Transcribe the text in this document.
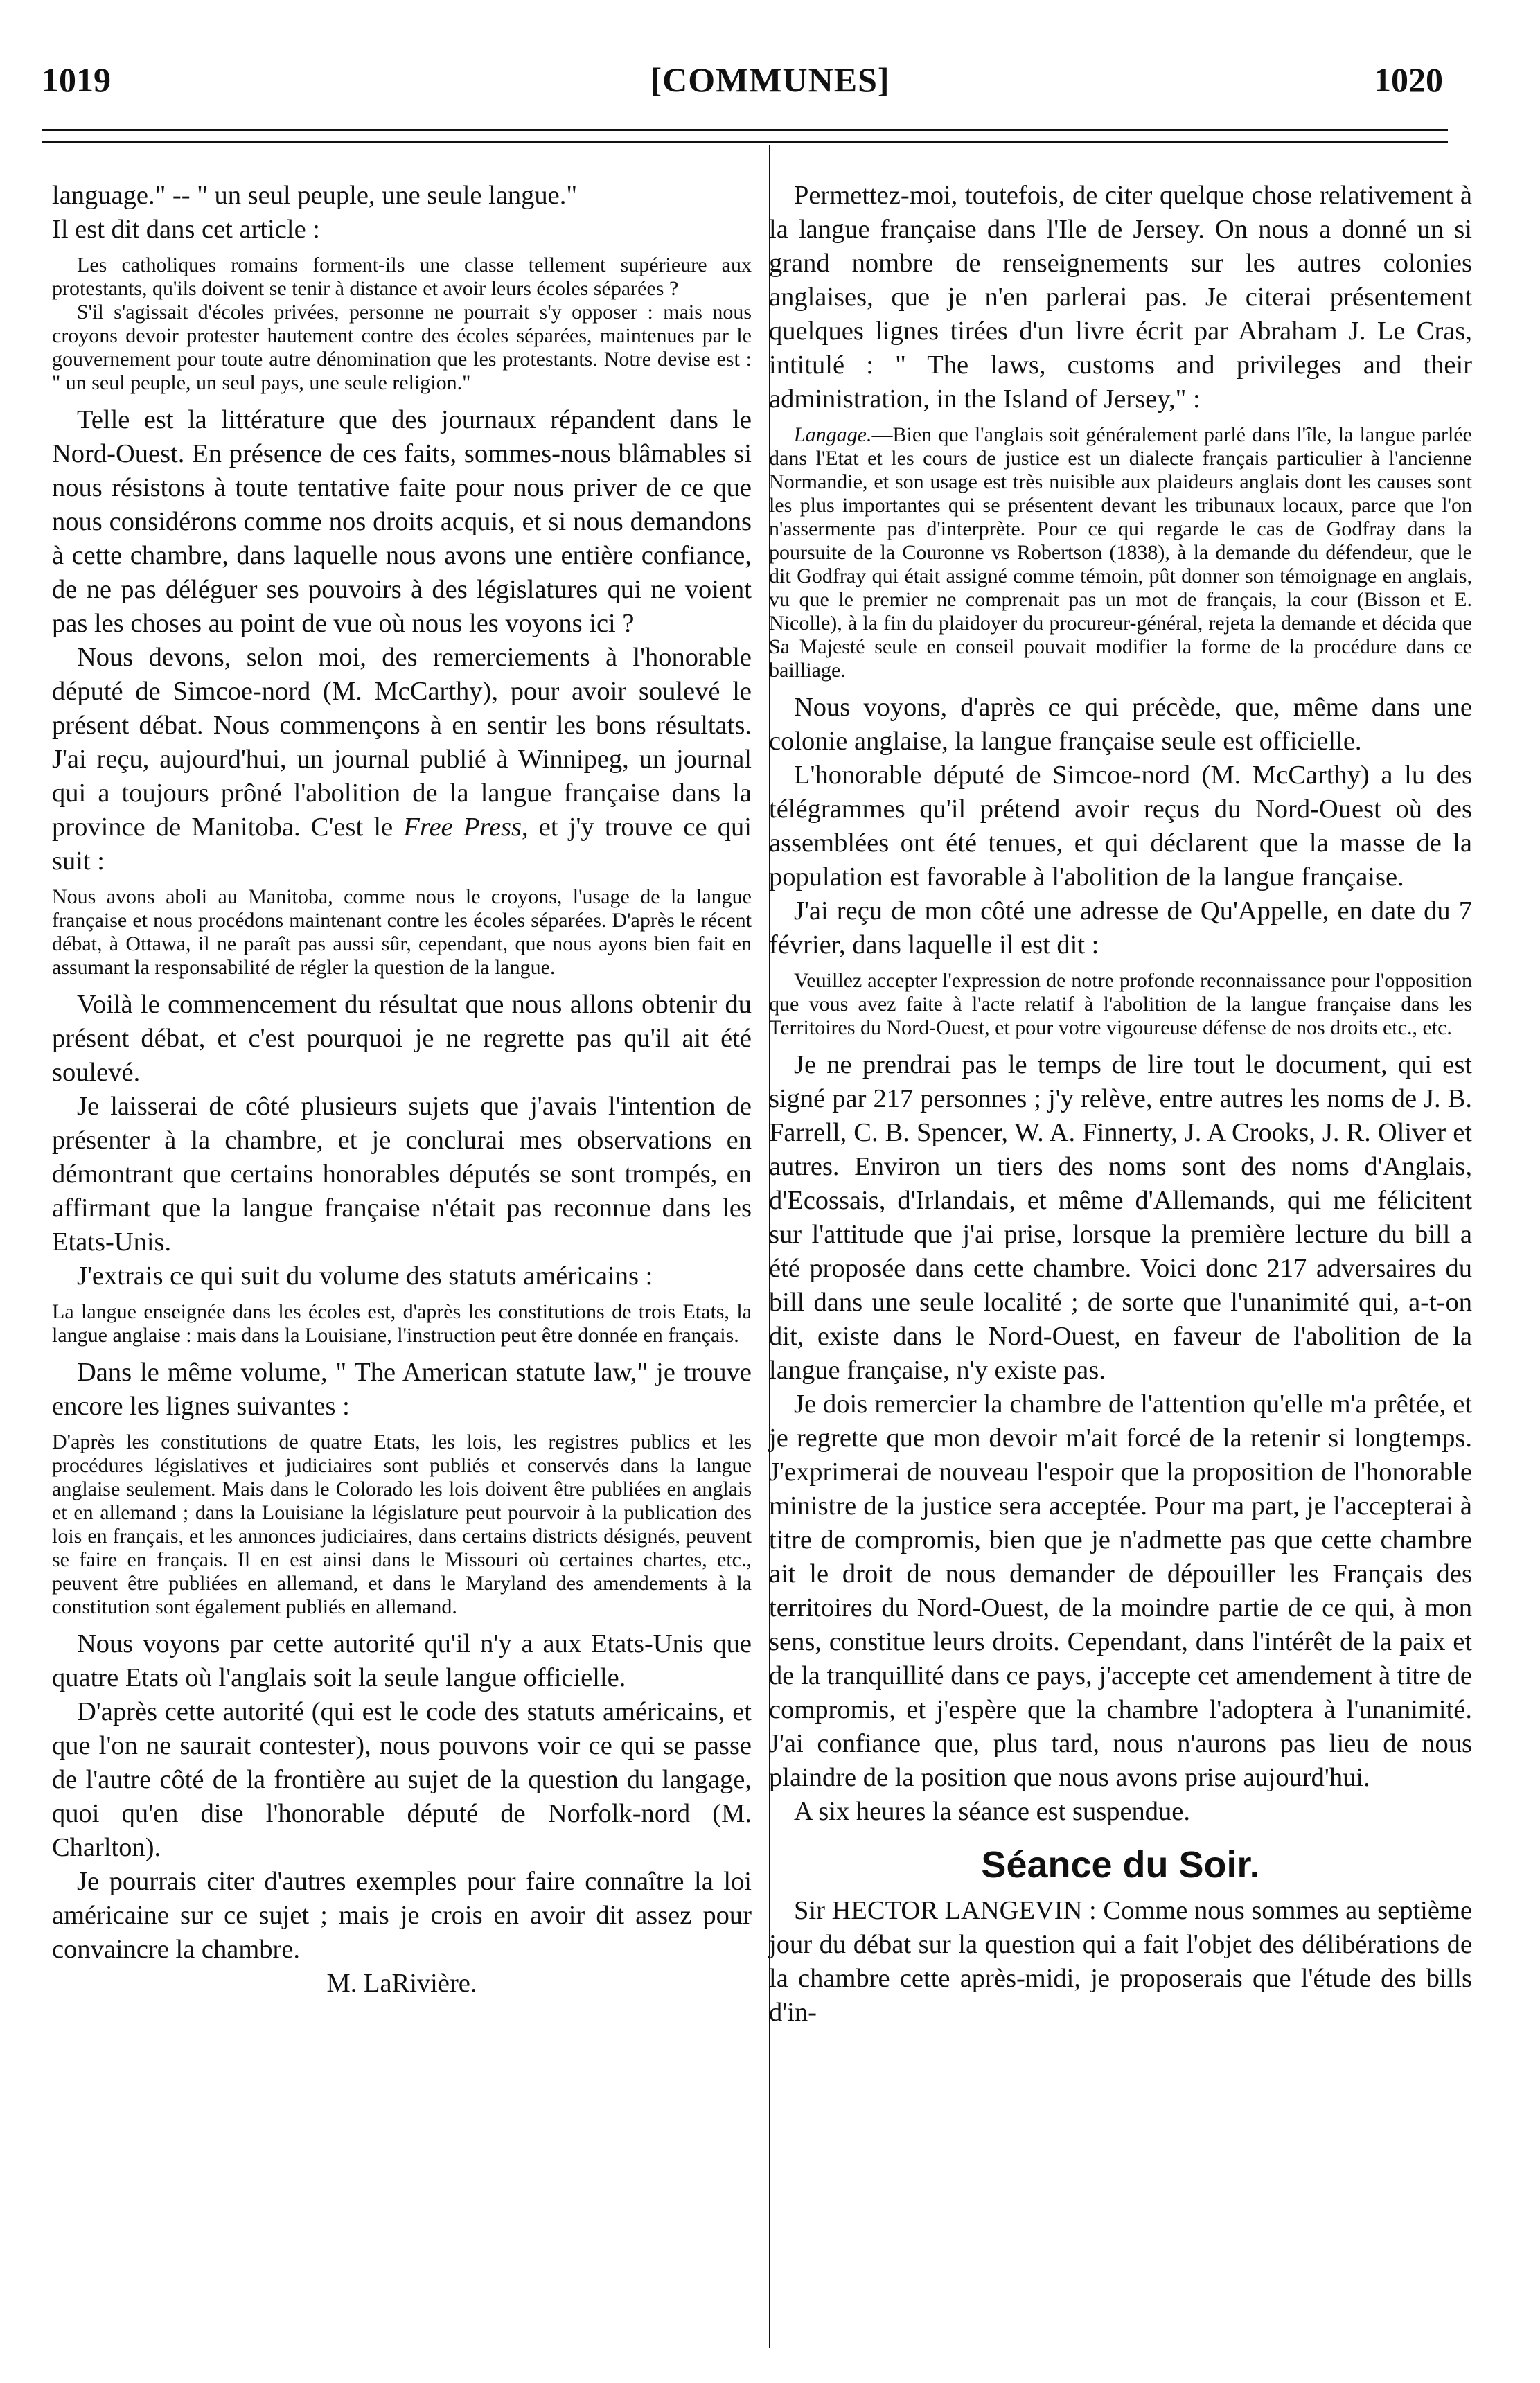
1019	[COMMUNES]	1020

language." -- " un seul peuple, une seule langue."

Il est dit dans cet article :

Les catholiques romains forment-ils une classe tellement supérieure aux protestants, qu'ils doivent se tenir à distance et avoir leurs écoles séparées ?

S'il s'agissait d'écoles privées, personne ne pourrait s'y opposer : mais nous croyons devoir protester hautement contre des écoles séparées, maintenues par le gouvernement pour toute autre dénomination que les protestants. Notre devise est : " un seul peuple, un seul pays, une seule religion."

Telle est la littérature que des journaux répandent dans le Nord-Ouest. En présence de ces faits, sommes-nous blâmables si nous résistons à toute tentative faite pour nous priver de ce que nous considérons comme nos droits acquis, et si nous demandons à cette chambre, dans laquelle nous avons une entière confiance, de ne pas déléguer ses pouvoirs à des législatures qui ne voient pas les choses au point de vue où nous les voyons ici ?

Nous devons, selon moi, des remerciements à l'honorable député de Simcoe-nord (M. McCarthy), pour avoir soulevé le présent débat. Nous commençons à en sentir les bons résultats. J'ai reçu, aujourd'hui, un journal publié à Winnipeg, un journal qui a toujours prôné l'abolition de la langue française dans la province de Manitoba. C'est le Free Press, et j'y trouve ce qui suit :

Nous avons aboli au Manitoba, comme nous le croyons, l'usage de la langue française et nous procédons maintenant contre les écoles séparées. D'après le récent débat, à Ottawa, il ne paraît pas aussi sûr, cependant, que nous ayons bien fait en assumant la responsabilité de régler la question de la langue.

Voilà le commencement du résultat que nous allons obtenir du présent débat, et c'est pourquoi je ne regrette pas qu'il ait été soulevé.

Je laisserai de côté plusieurs sujets que j'avais l'intention de présenter à la chambre, et je conclurai mes observations en démontrant que certains honorables députés se sont trompés, en affirmant que la langue française n'était pas reconnue dans les Etats-Unis.

J'extrais ce qui suit du volume des statuts américains :

La langue enseignée dans les écoles est, d'après les constitutions de trois Etats, la langue anglaise : mais dans la Louisiane, l'instruction peut être donnée en français.

Dans le même volume, " The American statute law," je trouve encore les lignes suivantes :

D'après les constitutions de quatre Etats, les lois, les registres publics et les procédures législatives et judiciaires sont publiés et conservés dans la langue anglaise seulement. Mais dans le Colorado les lois doivent être publiées en anglais et en allemand ; dans la Louisiane la législature peut pourvoir à la publication des lois en français, et les annonces judiciaires, dans certains districts désignés, peuvent se faire en français. Il en est ainsi dans le Missouri où certaines chartes, etc., peuvent être publiées en allemand, et dans le Maryland des amendements à la constitution sont également publiés en allemand.

Nous voyons par cette autorité qu'il n'y a aux Etats-Unis que quatre Etats où l'anglais soit la seule langue officielle.

D'après cette autorité (qui est le code des statuts américains, et que l'on ne saurait contester), nous pouvons voir ce qui se passe de l'autre côté de la frontière au sujet de la question du langage, quoi qu'en dise l'honorable député de Norfolk-nord (M. Charlton).

Je pourrais citer d'autres exemples pour faire connaître la loi américaine sur ce sujet ; mais je crois en avoir dit assez pour convaincre la chambre.

M. LaRivière.

Permettez-moi, toutefois, de citer quelque chose relativement à la langue française dans l'Ile de Jersey. On nous a donné un si grand nombre de renseignements sur les autres colonies anglaises, que je n'en parlerai pas. Je citerai présentement quelques lignes tirées d'un livre écrit par Abraham J. Le Cras, intitulé : " The laws, customs and privileges and their administration, in the Island of Jersey," :

Langage.—Bien que l'anglais soit généralement parlé dans l'île, la langue parlée dans l'Etat et les cours de justice est un dialecte français particulier à l'ancienne Normandie, et son usage est très nuisible aux plaideurs anglais dont les causes sont les plus importantes qui se présentent devant les tribunaux locaux, parce que l'on n'assermente pas d'interprète. Pour ce qui regarde le cas de Godfray dans la poursuite de la Couronne vs Robertson (1838), à la demande du défendeur, que le dit Godfray qui était assigné comme témoin, pût donner son témoignage en anglais, vu que le premier ne comprenait pas un mot de français, la cour (Bisson et E. Nicolle), à la fin du plaidoyer du procureur-général, rejeta la demande et décida que Sa Majesté seule en conseil pouvait modifier la forme de la procédure dans ce bailliage.

Nous voyons, d'après ce qui précède, que, même dans une colonie anglaise, la langue française seule est officielle.

L'honorable député de Simcoe-nord (M. McCarthy) a lu des télégrammes qu'il prétend avoir reçus du Nord-Ouest où des assemblées ont été tenues, et qui déclarent que la masse de la population est favorable à l'abolition de la langue française.

J'ai reçu de mon côté une adresse de Qu'Appelle, en date du 7 février, dans laquelle il est dit :

Veuillez accepter l'expression de notre profonde reconnaissance pour l'opposition que vous avez faite à l'acte relatif à l'abolition de la langue française dans les Territoires du Nord-Ouest, et pour votre vigoureuse défense de nos droits etc., etc.

Je ne prendrai pas le temps de lire tout le document, qui est signé par 217 personnes ; j'y relève, entre autres les noms de J. B. Farrell, C. B. Spencer, W. A. Finnerty, J. A Crooks, J. R. Oliver et autres. Environ un tiers des noms sont des noms d'Anglais, d'Ecossais, d'Irlandais, et même d'Allemands, qui me félicitent sur l'attitude que j'ai prise, lorsque la première lecture du bill a été proposée dans cette chambre. Voici donc 217 adversaires du bill dans une seule localité ; de sorte que l'unanimité qui, a-t-on dit, existe dans le Nord-Ouest, en faveur de l'abolition de la langue française, n'y existe pas.

Je dois remercier la chambre de l'attention qu'elle m'a prêtée, et je regrette que mon devoir m'ait forcé de la retenir si longtemps. J'exprimerai de nouveau l'espoir que la proposition de l'honorable ministre de la justice sera acceptée. Pour ma part, je l'accepterai à titre de compromis, bien que je n'admette pas que cette chambre ait le droit de nous demander de dépouiller les Français des territoires du Nord-Ouest, de la moindre partie de ce qui, à mon sens, constitue leurs droits. Cependant, dans l'intérêt de la paix et de la tranquillité dans ce pays, j'accepte cet amendement à titre de compromis, et j'espère que la chambre l'adoptera à l'unanimité. J'ai confiance que, plus tard, nous n'aurons pas lieu de nous plaindre de la position que nous avons prise aujourd'hui.

A six heures la séance est suspendue.

Séance du Soir.

Sir HECTOR LANGEVIN : Comme nous sommes au septième jour du débat sur la question qui a fait l'objet des délibérations de la chambre cette après-midi, je proposerais que l'étude des bills d'in-
